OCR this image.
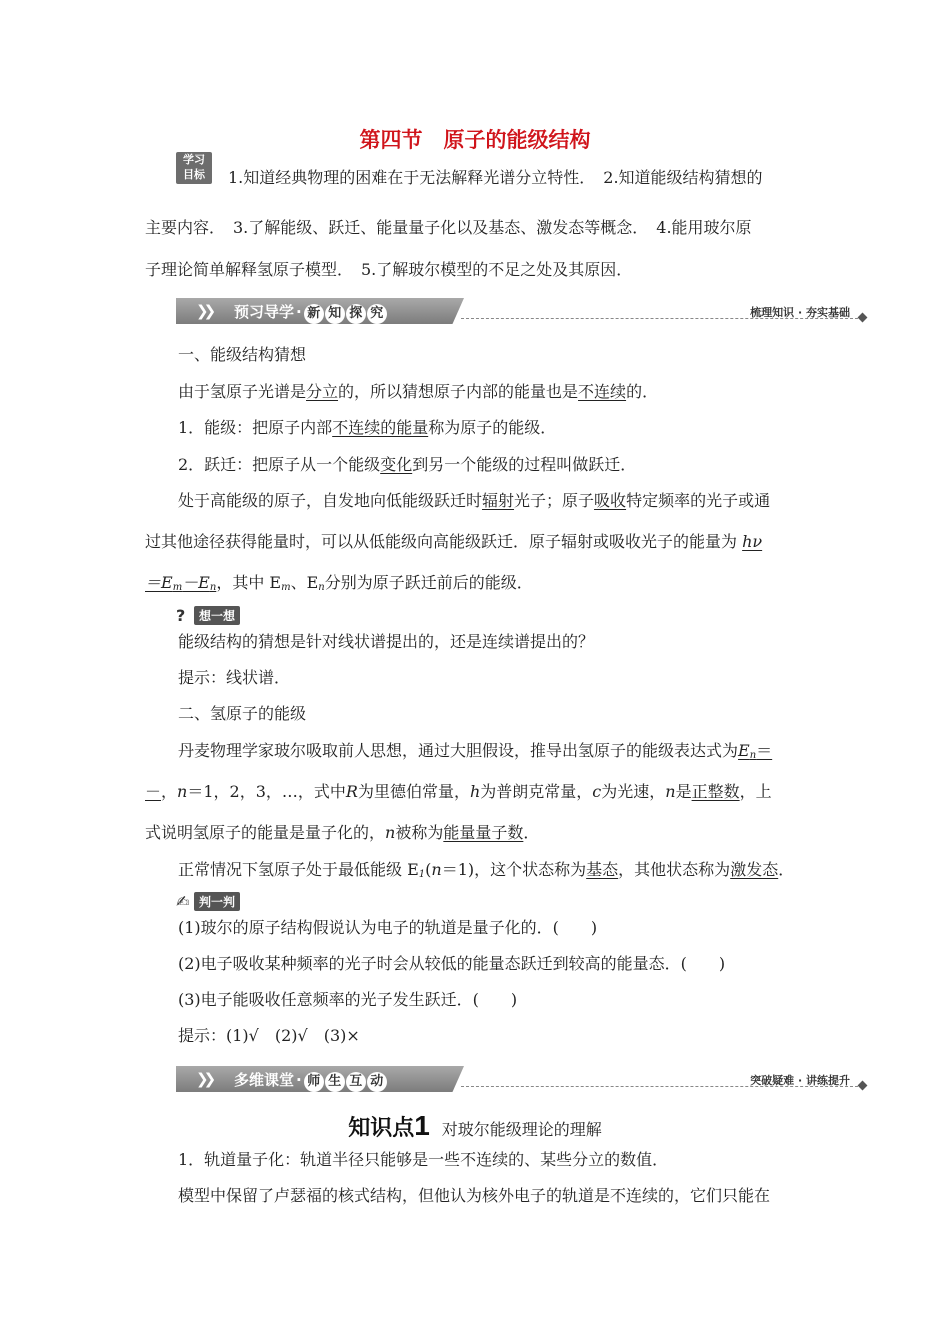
第四节　原子的能级结构
学习
目标	1.知道经典物理的困难在于无法解释光谱分立特性．　2.知道能级结构猜想的
主要内容．　3.了解能级、跃迁、能量量子化以及基态、激发态等概念．　4.能用玻尔原
子理论简单解释氢原子模型．　5.了解玻尔模型的不足之处及其原因．
❯❯ 预习导学 · 新 知 探 究	梳理知识 · 夯实基础
一、能级结构猜想
由于氢原子光谱是分立的，所以猜想原子内部的能量也是不连续的．
1．能级：把原子内部不连续的能量称为原子的能级．
2．跃迁：把原子从一个能级变化到另一个能级的过程叫做跃迁．
处于高能级的原子，自发地向低能级跃迁时辐射光子；原子吸收特定频率的光子或通
过其他途径获得能量时，可以从低能级向高能级跃迁．原子辐射或吸收光子的能量为 hν
$=E_m-E_n$，其中 $E_m$、$E_n$分别为原子跃迁前后的能级．
?	想一想
能级结构的猜想是针对线状谱提出的，还是连续谱提出的？
提示：线状谱．
二、氢原子的能级
丹麦物理学家玻尔吸取前人思想，通过大胆假设，推导出氢原子的能级表达式为$E_n=$
－，n＝1，2，3，…，式中R为里德伯常量，h为普朗克常量，c为光速，n是正整数，上
式说明氢原子的能量是量子化的，n被称为能量量子数．
正常情况下氢原子处于最低能级 $E_1(n=1)$，这个状态称为基态，其他状态称为激发态．
✍ 判一判
(1)玻尔的原子结构假说认为电子的轨道是量子化的．(　　)
(2)电子吸收某种频率的光子时会从较低的能量态跃迁到较高的能量态．(　　)
(3)电子能吸收任意频率的光子发生跃迁．(　　)
提示：(1)√　(2)√　(3)×
❯❯ 多维课堂 · 师 生 互 动	突破疑难 · 讲练提升
知识点1 对玻尔能级理论的理解
1．轨道量子化：轨道半径只能够是一些不连续的、某些分立的数值．
模型中保留了卢瑟福的核式结构，但他认为核外电子的轨道是不连续的，它们只能在
